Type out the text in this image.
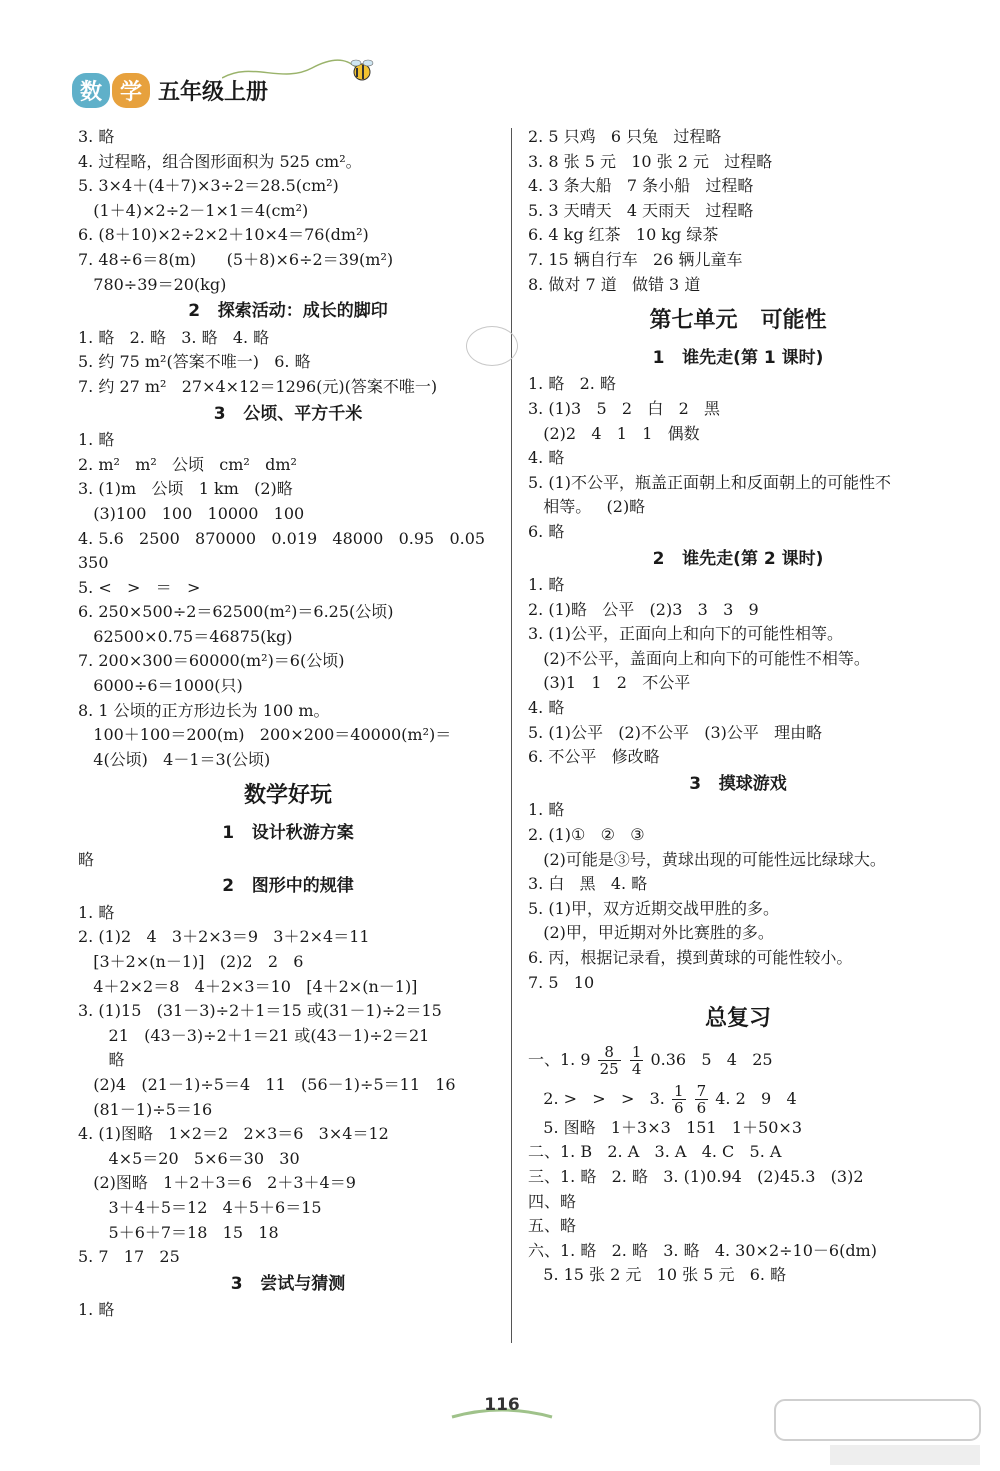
数 学 五年级上册

3. 略
4. 过程略，组合图形面积为 525 cm²。
5. 3×4＋(4＋7)×3÷2＝28.5(cm²)
(1＋4)×2÷2－1×1＝4(cm²)
6. (8＋10)×2÷2×2＋10×4＝76(dm²)
7. 48÷6＝8(m)      (5＋8)×6÷2＝39(m²)
780÷39＝20(kg)
2   探索活动：成长的脚印
1. 略   2. 略   3. 略   4. 略
5. 约 75 m²(答案不唯一)   6. 略
7. 约 27 m²   27×4×12＝1296(元)(答案不唯一)
3   公顷、平方千米
1. 略
2. m²   m²   公顷   cm²   dm²
3. (1)m   公顷   1 km   (2)略
(3)100   100   10000   100
4. 5.6   2500   870000   0.019   48000   0.95   0.05
350
5. <   >   ＝   >
6. 250×500÷2＝62500(m²)＝6.25(公顷)
62500×0.75＝46875(kg)
7. 200×300＝60000(m²)＝6(公顷)
6000÷6＝1000(只)
8. 1 公顷的正方形边长为 100 m。
100＋100＝200(m)   200×200＝40000(m²)＝
4(公顷)   4－1＝3(公顷)
数学好玩
1   设计秋游方案
略
2   图形中的规律
1. 略
2. (1)2   4   3＋2×3＝9   3＋2×4＝11
[3＋2×(n－1)]   (2)2   2   6
4＋2×2＝8   4＋2×3＝10   [4＋2×(n－1)]
3. (1)15   (31－3)÷2＋1＝15 或(31－1)÷2＝15
21   (43－3)÷2＋1＝21 或(43－1)÷2＝21
略
(2)4   (21－1)÷5＝4   11   (56－1)÷5＝11   16
(81－1)÷5＝16
4. (1)图略   1×2＝2   2×3＝6   3×4＝12
4×5＝20   5×6＝30   30
(2)图略   1＋2＋3＝6   2＋3＋4＝9
3＋4＋5＝12   4＋5＋6＝15
5＋6＋7＝18   15   18
5. 7   17   25
3   尝试与猜测
1. 略
2. 5 只鸡   6 只兔   过程略
3. 8 张 5 元   10 张 2 元   过程略
4. 3 条大船   7 条小船   过程略
5. 3 天晴天   4 天雨天   过程略
6. 4 kg 红茶   10 kg 绿茶
7. 15 辆自行车   26 辆儿童车
8. 做对 7 道   做错 3 道
第七单元   可能性
1   谁先走(第 1 课时)
1. 略   2. 略
3. (1)3   5   2   白   2   黑
(2)2   4   1   1   偶数
4. 略
5. (1)不公平，瓶盖正面朝上和反面朝上的可能性不
相等。   (2)略
6. 略
2   谁先走(第 2 课时)
1. 略
2. (1)略   公平   (2)3   3   3   9
3. (1)公平，正面向上和向下的可能性相等。
(2)不公平，盖面向上和向下的可能性不相等。
(3)1   1   2   不公平
4. 略
5. (1)公平   (2)不公平   (3)公平   理由略
6. 不公平   修改略
3   摸球游戏
1. 略
2. (1)①   ②   ③
(2)可能是③号，黄球出现的可能性远比绿球大。
3. 白   黑   4. 略
5. (1)甲，双方近期交战甲胜的多。
(2)甲，甲近期对外比赛胜的多。
6. 丙，根据记录看，摸到黄球的可能性较小。
7. 5   10
总复习
一、1. $9 \frac{8}{25}$
$\frac{1}{4} 0.36$   5   4   25
2. >   >   >   3. $\frac{1}{6}$
$\frac{7}{6} 4$. 2   9   4
5. 图略   1＋3×3   151   1＋50×3
二、1. B   2. A   3. A   4. C   5. A
三、1. 略   2. 略   3. (1)0.94   (2)45.3   (3)2
四、略
五、略
六、1. 略   2. 略   3. 略   4. 30×2÷10－6(dm)
5. 15 张 2 元   10 张 5 元   6. 略
116
